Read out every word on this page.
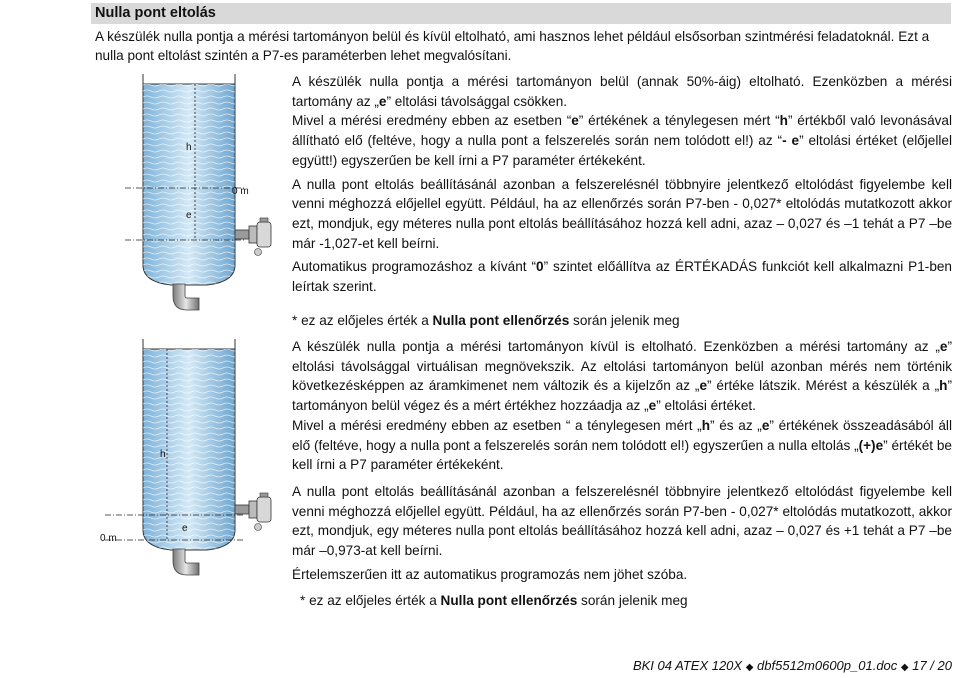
Nulla pont eltolás

A készülék nulla pontja a mérési tartományon belül és kívül eltolható, ami hasznos lehet például elsősorban szintmérési feladatoknál. Ezt a nulla pont eltolást szintén a P7-es paraméterben lehet megvalósítani.

h
e
0 m
h
e
0 m

A készülék nulla pontja a mérési tartományon belül (annak 50%-áig) eltolható. Ezenközben a mérési tartomány az „e” eltolási távolsággal csökken.

Mivel a mérési eredmény ebben az esetben “e” értékének a ténylegesen mért “h” értékből való levonásával állítható elő (feltéve, hogy a nulla pont a felszerelés során nem tolódott el!) az “- e” eltolási értéket (előjellel együtt!) egyszerűen be kell írni a P7 paraméter értékeként.

A nulla pont eltolás beállításánál azonban a felszerelésnél többnyire jelentkező eltolódást figyelembe kell venni méghozzá előjellel együtt. Például, ha az ellenőrzés során P7-ben - 0,027* eltolódás mutatkozott akkor ezt, mondjuk, egy méteres nulla pont eltolás beállításához hozzá kell adni, azaz – 0,027 és –1 tehát a P7 –be már -1,027-et kell beírni.

Automatikus programozáshoz a kívánt “0” szintet előállítva az ÉRTÉKADÁS funkciót kell alkalmazni P1-ben leírtak szerint.

* ez az előjeles érték a Nulla pont ellenőrzés során jelenik meg

A készülék nulla pontja a mérési tartományon kívül is eltolható. Ezenközben a mérési tartomány az „e” eltolási távolsággal virtuálisan megnövekszik. Az eltolási tartományon belül azonban mérés nem történik következésképpen az áramkimenet nem változik és a kijelzőn az „e” értéke látszik. Mérést a készülék a „h” tartományon belül végez és a mért értékhez hozzáadja az „e” eltolási értéket.

Mivel a mérési eredmény ebben az esetben “ a ténylegesen mért „h” és az „e” értékének összeadásából áll elő (feltéve, hogy a nulla pont a felszerelés során nem tolódott el!) egyszerűen a nulla eltolás „(+)e” értékét be kell írni a P7 paraméter értékeként.

A nulla pont eltolás beállításánál azonban a felszerelésnél többnyire jelentkező eltolódást figyelembe kell venni méghozzá előjellel együtt. Például, ha az ellenőrzés során P7-ben - 0,027* eltolódás mutatkozott, akkor ezt, mondjuk, egy méteres nulla pont eltolás beállításához hozzá kell adni, azaz – 0,027 és +1 tehát a P7 –be már –0,973-at kell beírni.

Értelemszerűen itt az automatikus programozás nem jöhet szóba.

* ez az előjeles érték a Nulla pont ellenőrzés során jelenik meg

BKI 04 ATEX 120X ◆ dbf5512m0600p_01.doc ◆ 17 / 20
